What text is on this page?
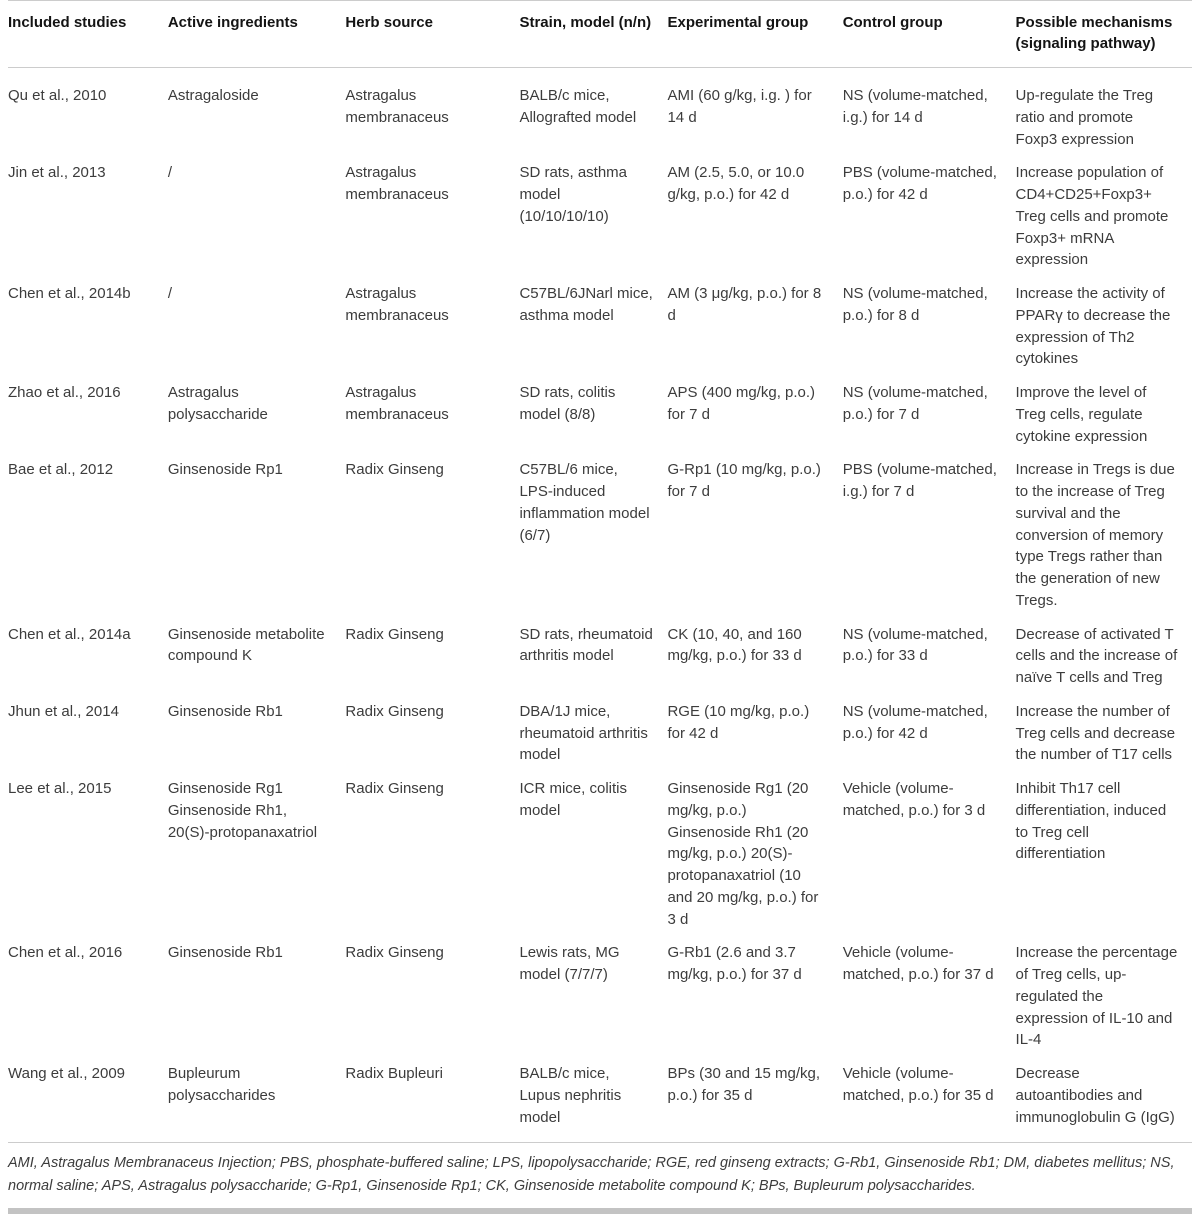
Included studies	Active ingredients	Herb source	Strain, model (n/n)	Experimental group	Control group	Possible mechanisms (signaling pathway)
Qu et al., 2010	Astragaloside	Astragalus membranaceus	BALB/c mice, Allografted model	AMI (60 g/kg, i.g. ) for 14 d	NS (volume-matched, i.g.) for 14 d	Up-regulate the Treg ratio and promote Foxp3 expression
Jin et al., 2013	/	Astragalus membranaceus	SD rats, asthma model (10/10/10/10)	AM (2.5, 5.0, or 10.0 g/kg, p.o.) for 42 d	PBS (volume-matched, p.o.) for 42 d	Increase population of CD4+CD25+Foxp3+ Treg cells and promote Foxp3+ mRNA expression
Chen et al., 2014b	/	Astragalus membranaceus	C57BL/6JNarl mice, asthma model	AM (3 μg/kg, p.o.) for 8 d	NS (volume-matched, p.o.) for 8 d	Increase the activity of PPARγ to decrease the expression of Th2 cytokines
Zhao et al., 2016	Astragalus polysaccharide	Astragalus membranaceus	SD rats, colitis model (8/8)	APS (400 mg/kg, p.o.) for 7 d	NS (volume-matched, p.o.) for 7 d	Improve the level of Treg cells, regulate cytokine expression
Bae et al., 2012	Ginsenoside Rp1	Radix Ginseng	C57BL/6 mice, LPS-induced inflammation model (6/7)	G-Rp1 (10 mg/kg, p.o.) for 7 d	PBS (volume-matched, i.g.) for 7 d	Increase in Tregs is due to the increase of Treg survival and the conversion of memory type Tregs rather than the generation of new Tregs.
Chen et al., 2014a	Ginsenoside metabolite compound K	Radix Ginseng	SD rats, rheumatoid arthritis model	CK (10, 40, and 160 mg/kg, p.o.) for 33 d	NS (volume-matched, p.o.) for 33 d	Decrease of activated T cells and the increase of naïve T cells and Treg
Jhun et al., 2014	Ginsenoside Rb1	Radix Ginseng	DBA/1J mice, rheumatoid arthritis model	RGE (10 mg/kg, p.o.) for 42 d	NS (volume-matched, p.o.) for 42 d	Increase the number of Treg cells and decrease the number of T17 cells
Lee et al., 2015	Ginsenoside Rg1 Ginsenoside Rh1, 20(S)-protopanaxatriol	Radix Ginseng	ICR mice, colitis model	Ginsenoside Rg1 (20 mg/kg, p.o.) Ginsenoside Rh1 (20 mg/kg, p.o.) 20(S)-protopanaxatriol (10 and 20 mg/kg, p.o.) for 3 d	Vehicle (volume-matched, p.o.) for 3 d	Inhibit Th17 cell differentiation, induced to Treg cell differentiation
Chen et al., 2016	Ginsenoside Rb1	Radix Ginseng	Lewis rats, MG model (7/7/7)	G-Rb1 (2.6 and 3.7 mg/kg, p.o.) for 37 d	Vehicle (volume-matched, p.o.) for 37 d	Increase the percentage of Treg cells, up-regulated the expression of IL-10 and IL-4
Wang et al., 2009	Bupleurum polysaccharides	Radix Bupleuri	BALB/c mice, Lupus nephritis model	BPs (30 and 15 mg/kg, p.o.) for 35 d	Vehicle (volume-matched, p.o.) for 35 d	Decrease autoantibodies and immunoglobulin G (IgG)
AMI, Astragalus Membranaceus Injection; PBS, phosphate-buffered saline; LPS, lipopolysaccharide; RGE, red ginseng extracts; G-Rb1, Ginsenoside Rb1; DM, diabetes mellitus; NS, normal saline; APS, Astragalus polysaccharide; G-Rp1, Ginsenoside Rp1; CK, Ginsenoside metabolite compound K; BPs, Bupleurum polysaccharides.
